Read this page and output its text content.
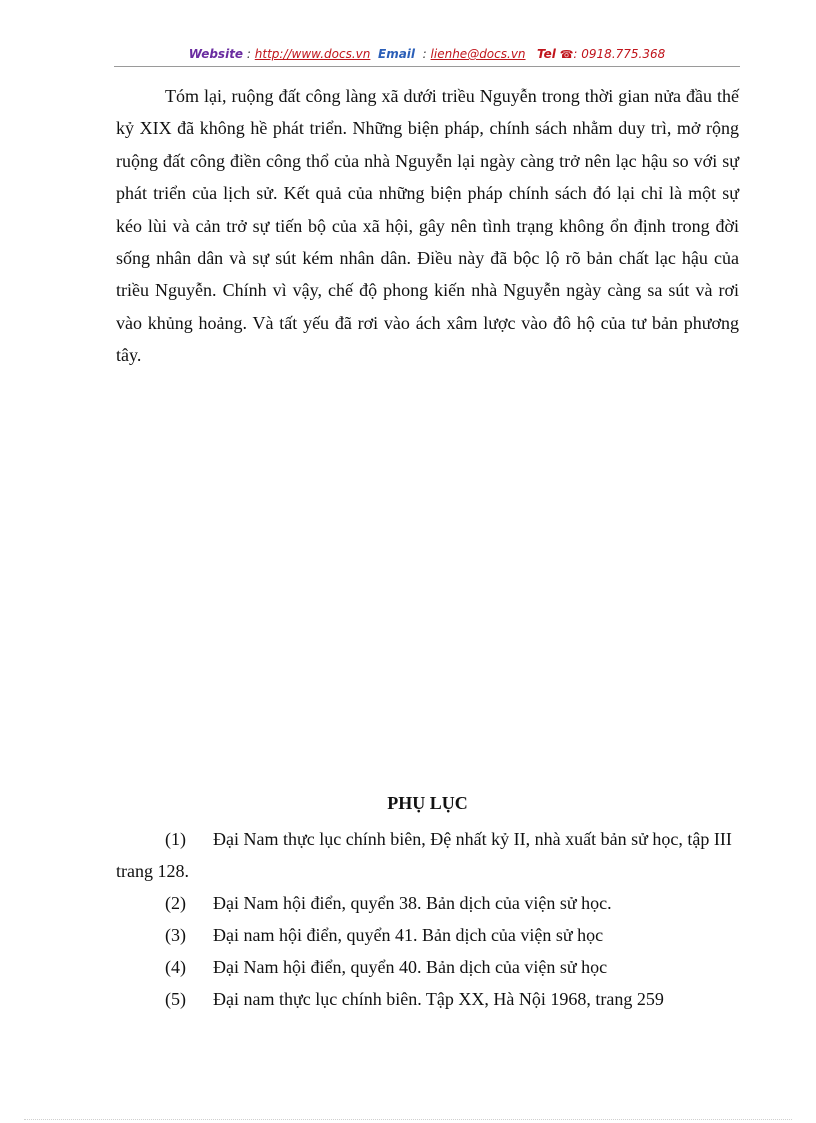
Website : http://www.docs.vn Email : lienhe@docs.vn Tel ☎: 0918.775.368

Tóm lại, ruộng đất công làng xã dưới triều Nguyễn trong thời gian nửa đầu thế kỷ XIX đã không hề phát triển. Những biện pháp, chính sách nhằm duy trì, mở rộng ruộng đất công điền công thổ của nhà Nguyễn lại ngày càng trở nên lạc hậu so với sự phát triển của lịch sử. Kết quả của những biện pháp chính sách đó lại chỉ là một sự kéo lùi và cản trở sự tiến bộ của xã hội, gây nên tình trạng không ổn định trong đời sống nhân dân và sự sút kém nhân dân. Điều này đã bộc lộ rõ bản chất lạc hậu của triều Nguyễn. Chính vì vậy, chế độ phong kiến nhà Nguyễn ngày càng sa sút và rơi vào khủng hoảng. Và tất yếu đã rơi vào ách xâm lược vào đô hộ của tư bản phương tây.

PHỤ LỤC

(1)	Đại Nam thực lục chính biên, Đệ nhất kỷ II, nhà xuất bản sử học, tập III trang 128.
(2)	Đại Nam hội điển, quyển 38. Bản dịch của viện sử học.
(3)	Đại nam hội điển, quyển 41. Bản dịch của viện sử học
(4)	Đại Nam hội điển, quyển 40. Bản dịch của viện sử học
(5)	Đại nam thực lục chính biên. Tập XX, Hà Nội 1968, trang 259
